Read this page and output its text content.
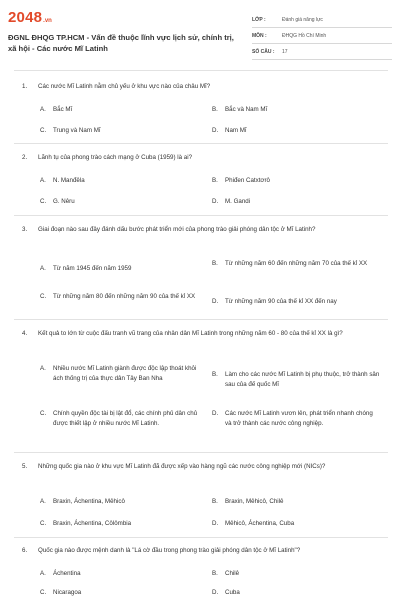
2048 .vn
ĐGNL ĐHQG TP.HCM - Vấn đề thuộc lĩnh vực lịch sử, chính trị, xã hội - Các nước Mĩ Latinh
LỚP :	Đánh giá năng lực
MÔN :	ĐHQG Hồ Chí Minh
SỐ CÂU :	17
1.	Các nước Mĩ Latinh nằm chủ yếu ở khu vực nào của châu Mĩ?
A.	Bắc Mĩ	B.	Bắc và Nam Mĩ
C.	Trung và Nam Mĩ	D.	Nam Mĩ
2.	Lãnh tụ của phong trào cách mạng ở Cuba (1959) là ai?
A.	N. Manđêla	B.	Phiđen Catxtơrô
C.	G. Nêru	D.	M. Gandi
3.	Giai đoạn nào sau đây đánh dấu bước phát triển mới của phong trào giải phóng dân tộc ở Mĩ Latinh?
A.	Từ năm 1945 đến năm 1959
B.	Từ những năm 60 đến những năm 70 của thế kỉ XX
C.	Từ những năm 80 đến những năm 90 của thế kỉ XX
D.	Từ những năm 90 của thế kỉ XX đến nay
4.	Kết quả to lớn từ cuộc đấu tranh vũ trang của nhân dân Mĩ Latinh trong những năm 60 - 80 của thế kỉ XX là gì?
A.	Nhiều nước Mĩ Latinh giành được độc lập thoát khỏi ách thống trị của thực dân Tây Ban Nha
B.	Làm cho các nước Mĩ Latinh bị phụ thuộc, trở thành sân sau của đế quốc Mĩ
C.	Chính quyền độc tài bị lật đổ, các chính phủ dân chủ được thiết lập ở nhiều nước Mĩ Latinh.
D.	Các nước Mĩ Latinh vươn lên, phát triển nhanh chóng và trở thành các nước công nghiệp.
5.	Những quốc gia nào ở khu vực Mĩ Latinh đã được xếp vào hàng ngũ các nước công nghiệp mới (NICs)?
A.	Braxin, Áchentina, Mêhicô	B.	Braxin, Mêhicô, Chilê
C.	Braxin, Áchentina, Côlômbia	D.	Mêhicô, Áchentina, Cuba
6.	Quốc gia nào được mệnh danh là "Lá cờ đầu trong phong trào giải phóng dân tộc ở Mĩ Latinh"?
A.	Áchentina	B.	Chilê
C.	Nicaragoa	D.	Cuba
